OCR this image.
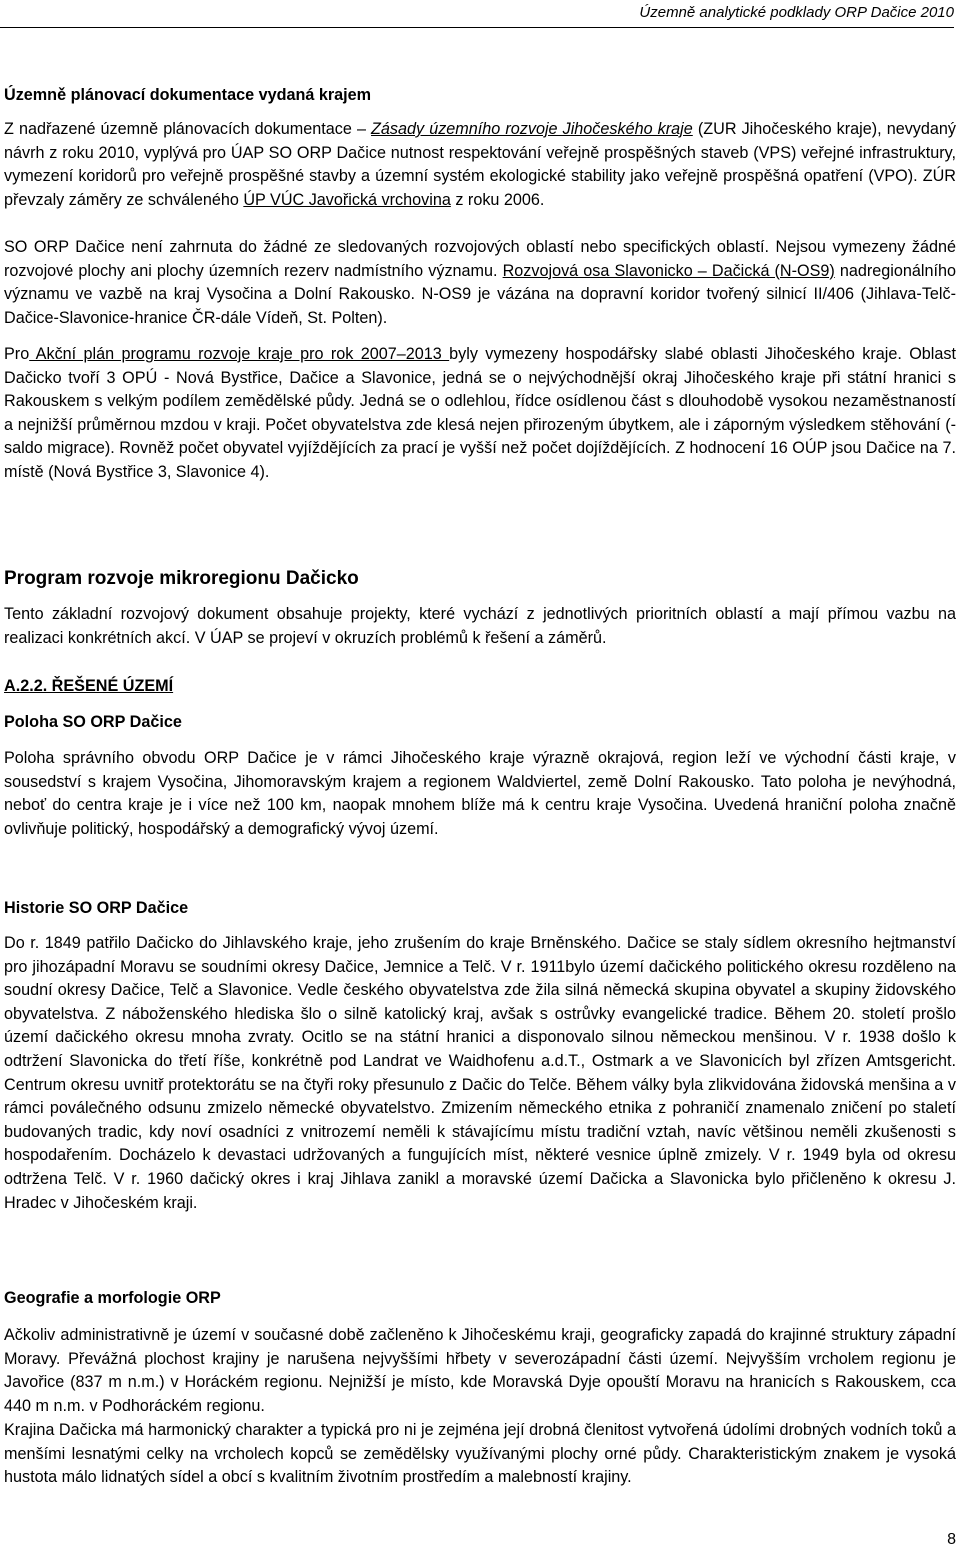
Územně analytické podklady ORP Dačice 2010
Územně plánovací dokumentace vydaná krajem

Z nadřazené územně plánovacích dokumentace – Zásady územního rozvoje Jihočeského kraje (ZUR Jihočeského kraje), nevydaný návrh z roku 2010, vyplývá pro ÚAP SO ORP Dačice nutnost respektování veřejně prospěšných staveb (VPS) veřejné infrastruktury, vymezení koridorů pro veřejně prospěšné stavby a územní systém ekologické stability jako veřejně prospěšná opatření (VPO). ZÚR převzaly záměry ze schváleného ÚP VÚC Javořická vrchovina z roku 2006.

SO ORP Dačice není zahrnuta do žádné ze sledovaných rozvojových oblastí nebo specifických oblastí. Nejsou vymezeny žádné rozvojové plochy ani plochy územních rezerv nadmístního významu. Rozvojová osa Slavonicko – Dačická (N-OS9) nadregionálního významu ve vazbě na kraj Vysočina a Dolní Rakousko. N-OS9 je vázána na dopravní koridor tvořený silnicí II/406 (Jihlava-Telč-Dačice-Slavonice-hranice ČR-dále Vídeň, St. Polten).

Pro Akční plán programu rozvoje kraje pro rok 2007–2013 byly vymezeny hospodářsky slabé oblasti Jihočeského kraje. Oblast Dačicko tvoří 3 OPÚ - Nová Bystřice, Dačice a Slavonice, jedná se o nejvýchodnější okraj Jihočeského kraje při státní hranici s Rakouskem s velkým podílem zemědělské půdy. Jedná se o odlehlou, řídce osídlenou část s dlouhodobě vysokou nezaměstnaností a nejnižší průměrnou mzdou v kraji. Počet obyvatelstva zde klesá nejen přirozeným úbytkem, ale i záporným výsledkem stěhování (- saldo migrace). Rovněž počet obyvatel vyjíždějících za prací je vyšší než počet dojíždějících. Z hodnocení 16 OÚP jsou Dačice na 7. místě (Nová Bystřice 3, Slavonice 4).

Program rozvoje mikroregionu Dačicko

Tento základní rozvojový dokument obsahuje projekty, které vychází z jednotlivých prioritních oblastí a mají přímou vazbu na realizaci konkrétních akcí. V ÚAP se projeví v okruzích problémů k řešení a záměrů.

A.2.2. ŘEŠENÉ ÚZEMÍ
Poloha SO ORP Dačice

Poloha správního obvodu ORP Dačice je v rámci Jihočeského kraje výrazně okrajová, region leží ve východní části kraje, v sousedství s krajem Vysočina, Jihomoravským krajem a regionem Waldviertel, země Dolní Rakousko. Tato poloha je nevýhodná, neboť do centra kraje je i více než 100 km, naopak mnohem blíže má k centru kraje Vysočina. Uvedená hraniční poloha značně ovlivňuje politický, hospodářský a demografický vývoj území.

Historie SO ORP Dačice

Do r. 1849 patřilo Dačicko do Jihlavského kraje, jeho zrušením do kraje Brněnského. Dačice se staly sídlem okresního hejtmanství pro jihozápadní Moravu se soudními okresy Dačice, Jemnice a Telč. V r. 1911bylo území dačického politického okresu rozděleno na soudní okresy Dačice, Telč a Slavonice. Vedle českého obyvatelstva zde žila silná německá skupina obyvatel a skupiny židovského obyvatelstva. Z náboženského hlediska šlo o silně katolický kraj, avšak s ostrůvky evangelické tradice. Během 20. století prošlo území dačického okresu mnoha zvraty. Ocitlo se na státní hranici a disponovalo silnou německou menšinou. V r. 1938 došlo k odtržení Slavonicka do třetí říše, konkrétně pod Landrat ve Waidhofenu a.d.T., Ostmark a ve Slavonicích byl zřízen Amtsgericht. Centrum okresu uvnitř protektorátu se na čtyři roky přesunulo z Dačic do Telče. Během války byla zlikvidována židovská menšina a v rámci poválečného odsunu zmizelo německé obyvatelstvo. Zmizením německého etnika z pohraničí znamenalo zničení po staletí budovaných tradic, kdy noví osadníci z vnitrozemí neměli k stávajícímu místu tradiční vztah, navíc většinou neměli zkušenosti s hospodařením. Docházelo k devastaci udržovaných a fungujících míst, některé vesnice úplně zmizely. V r. 1949 byla od okresu odtržena Telč. V r. 1960 dačický okres i kraj Jihlava zanikl a moravské území Dačicka a Slavonicka bylo přičleněno k okresu J. Hradec v Jihočeském kraji.

Geografie a morfologie ORP

Ačkoliv administrativně je území v současné době začleněno k Jihočeskému kraji, geograficky zapadá do krajinné struktury západní Moravy. Převážná plochost krajiny je narušena nejvyššími hřbety v severozápadní části území. Nejvyšším vrcholem regionu je Javořice (837 m n.m.) v Horáckém regionu. Nejnižší je místo, kde Moravská Dyje opouští Moravu na hranicích s Rakouskem, cca 440 m n.m. v Podhoráckém regionu.

Krajina Dačicka má harmonický charakter a typická pro ni je zejména její drobná členitost vytvořená údolími drobných vodních toků a menšími lesnatými celky na vrcholech kopců se zemědělsky využívanými plochy orné půdy. Charakteristickým znakem je vysoká hustota málo lidnatých sídel a obcí s kvalitním životním prostředím a malebností krajiny.

8
